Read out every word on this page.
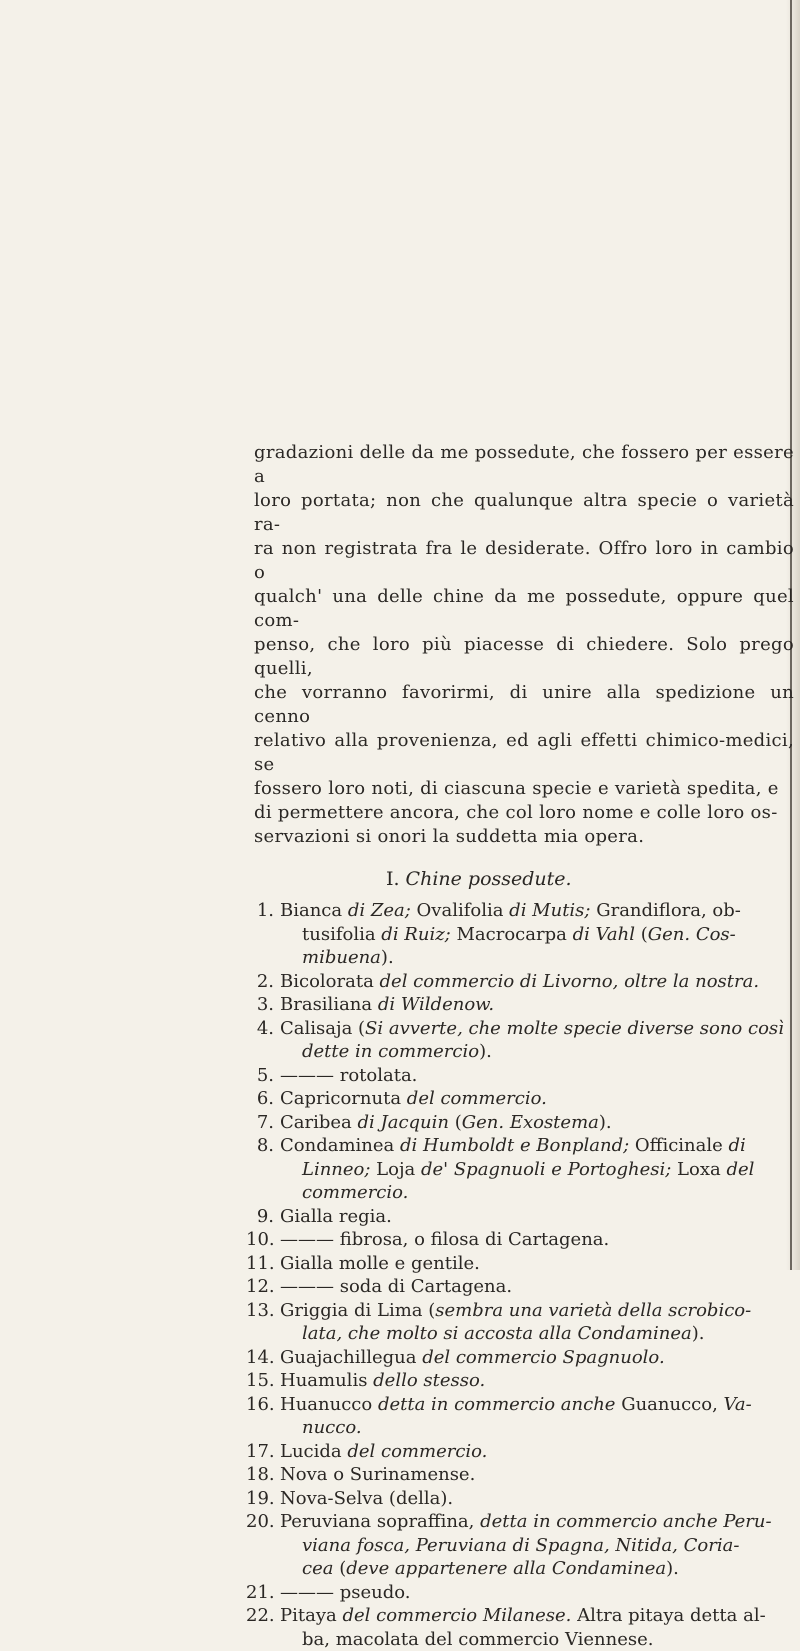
gradazioni delle da me possedute, che fossero per essere a

loro portata; non che qualunque altra specie o varietà ra-

ra non registrata fra le desiderate. Offro loro in cambio o

qualch' una delle chine da me possedute, oppure quel com-

penso, che loro più piacesse di chiedere. Solo prego quelli,

che vorranno favorirmi, di unire alla spedizione un cenno

relativo alla provenienza, ed agli effetti chimico-medici, se

fossero loro noti, di ciascuna specie e varietà spedita, e

di permettere ancora, che col loro nome e colle loro os-

servazioni si onori la suddetta mia opera.

I. Chine possedute.
1. Bianca di Zea; Ovalifolia di Mutis; Grandiflora, ob-
tusifolia di Ruiz; Macrocarpa di Vahl (Gen. Cos-
mibuena).
2. Bicolorata del commercio di Livorno, oltre la nostra.
3. Brasiliana di Wildenow.
4. Calisaja (Si avverte, che molte specie diverse sono così
dette in commercio).
5. ——— rotolata.
6. Capricornuta del commercio.
7. Caribea di Jacquin (Gen. Exostema).
8. Condaminea di Humboldt e Bonpland; Officinale di
Linneo; Loja de' Spagnuoli e Portoghesi; Loxa del
commercio.
9. Gialla regia.
10. ——— fibrosa, o filosa di Cartagena.
11. Gialla molle e gentile.
12. ——— soda di Cartagena.
13. Griggia di Lima (sembra una varietà della scrobico-
lata, che molto si accosta alla Condaminea).
14. Guajachillegua del commercio Spagnuolo.
15. Huamulis dello stesso.
16. Huanucco detta in commercio anche Guanucco, Va-
nucco.
17. Lucida del commercio.
18. Nova o Surinamense.
19. Nova-Selva (della).
20. Peruviana sopraffina, detta in commercio anche Peru-
viana fosca, Peruviana di Spagna, Nitida, Coria-
cea (deve appartenere alla Condaminea).
21. ——— pseudo.
22. Pitaya del commercio Milanese. Altra pitaya detta al-
ba, macolata del commercio Viennese.
